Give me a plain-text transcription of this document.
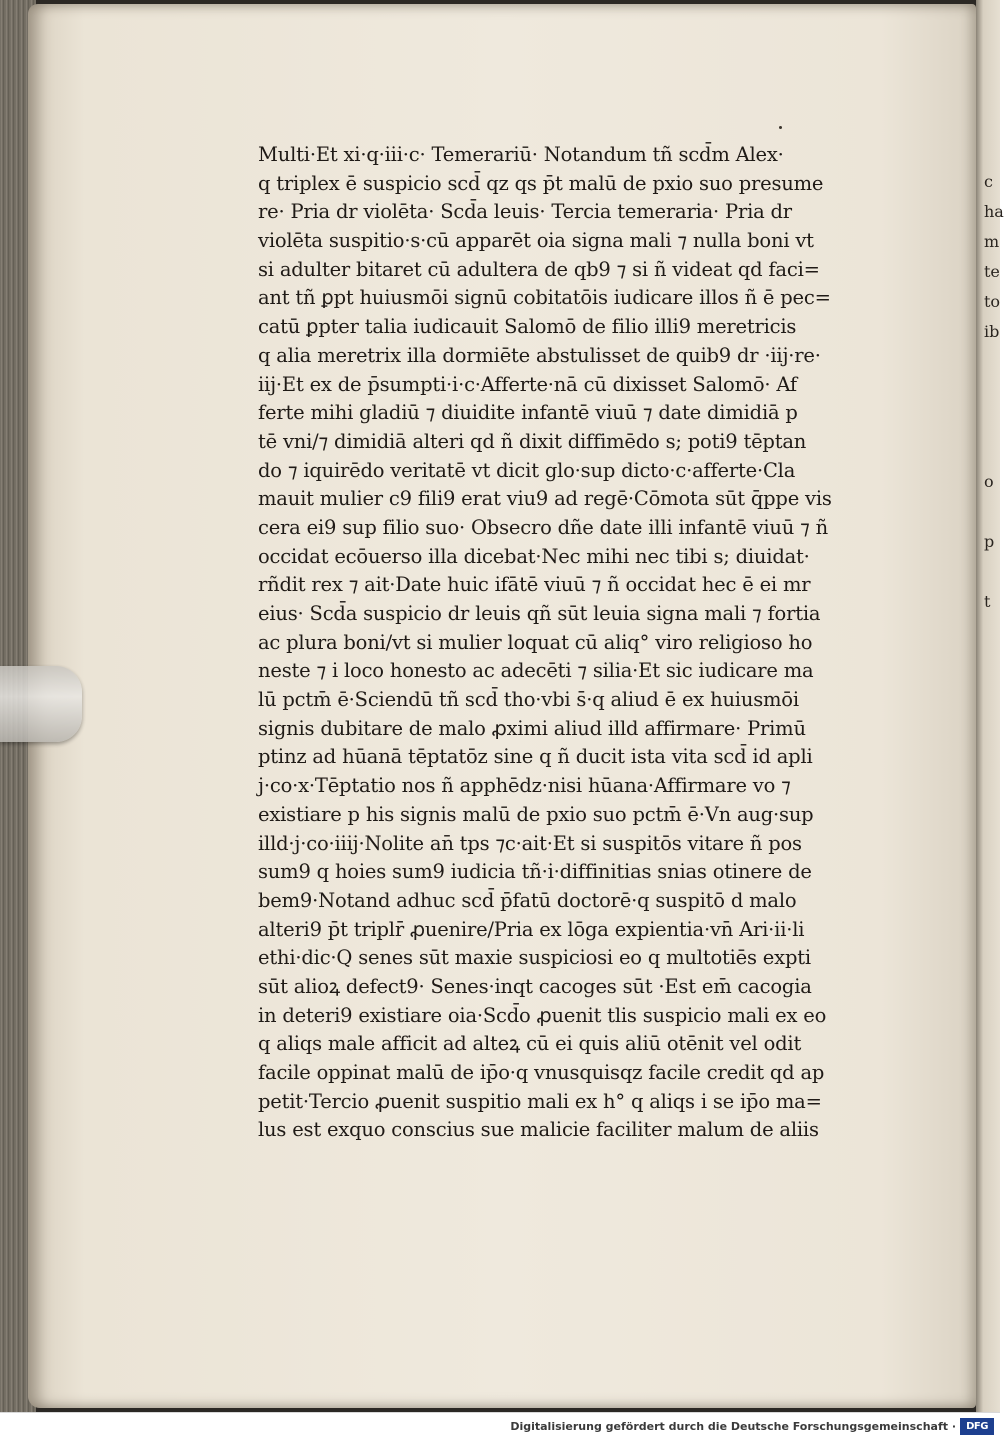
c
ha
m
te
to
ib
o
p
t
Multi·Et xi·q·iii·c· Temerariū· Notandum tñ scd̄m Alex·
q triplex ē suspicio scd̄ qz qs p̄t malū de pxio suo presume
re· Pria dr violēta· Scd̄a leuis· Tercia temeraria· Pria dr
violēta suspitio·s·cū apparēt oia signa mali ⁊ nulla boni vt
si adulter bitaret cū adultera de qb9 ⁊ si ñ videat qd faci=
ant tñ ꝑpt huiusmōi signū cobitatōis iudicare illos ñ ē pec=
catū ꝑpter talia iudicauit Salomō de filio illi9 meretricis
q alia meretrix illa dormiēte abstulisset de quib9 dr ·iij·re·
iij·Et ex de p̄sumpti·i·c·Afferte·nā cū dixisset Salomō· Af
ferte mihi gladiū ⁊ diuidite infantē viuū ⁊ date dimidiā p
tē vni/⁊ dimidiā alteri qd ñ dixit diffimēdo s; poti9 tēptan
do ⁊ iquirēdo veritatē vt dicit glo·sup dicto·c·afferte·Cla
mauit mulier c9 fili9 erat viu9 ad regē·Cōmota sūt q̄ppe vis
cera ei9 sup filio suo· Obsecro dñe date illi infantē viuū ⁊ ñ
occidat ecōuerso illa dicebat·Nec mihi nec tibi s; diuidat·
rñdit rex ⁊ ait·Date huic ifātē viuū ⁊ ñ occidat hec ē ei mr
eius· Scd̄a suspicio dr leuis qñ sūt leuia signa mali ⁊ fortia
ac plura boni/vt si mulier loquat cū aliq° viro religioso ho
neste ⁊ i loco honesto ac adecēti ⁊ silia·Et sic iudicare ma
lū pctm̄ ē·Sciendū tñ scd̄ tho·vbi s̄·q aliud ē ex huiusmōi
signis dubitare de malo ꝓximi aliud illd affirmare· Primū
ptinz ad hūanā tēptatōz sine q ñ ducit ista vita scd̄ id apli
j·co·x·Tēptatio nos ñ apphēdz·nisi hūana·Affirmare vo ⁊
existiare p his signis malū de pxio suo pctm̄ ē·Vn aug·sup
illd·j·co·iiij·Nolite an̄ tps ⁊c·ait·Et si suspitōs vitare ñ pos
sum9 q hoies sum9 iudicia tñ·i·diffinitias snias otinere de
bem9·Notand adhuc scd̄ p̄fatū doctorē·q suspitō d malo
alteri9 p̄t triplr̄ ꝓuenire/Pria ex lōga expientia·vn̄ Ari·ii·li
ethi·dic·Q senes sūt maxie suspiciosi eo q multotiēs expti
sūt alioꝝ defect9· Senes·inqt cacoges sūt ·Est em̄ cacogia
in deteri9 existiare oia·Scd̄o ꝓuenit tlis suspicio mali ex eo
q aliqs male afficit ad alteꝝ cū ei quis aliū otēnit vel odit
facile oppinat malū de ip̄o·q vnusquisqz facile credit qd ap
petit·Tercio ꝓuenit suspitio mali ex h° q aliqs i se ip̄o ma=
lus est exquo conscius sue malicie faciliter malum de aliis
Digitalisierung gefördert durch die Deutsche Forschungsgemeinschaft ·	DFG
